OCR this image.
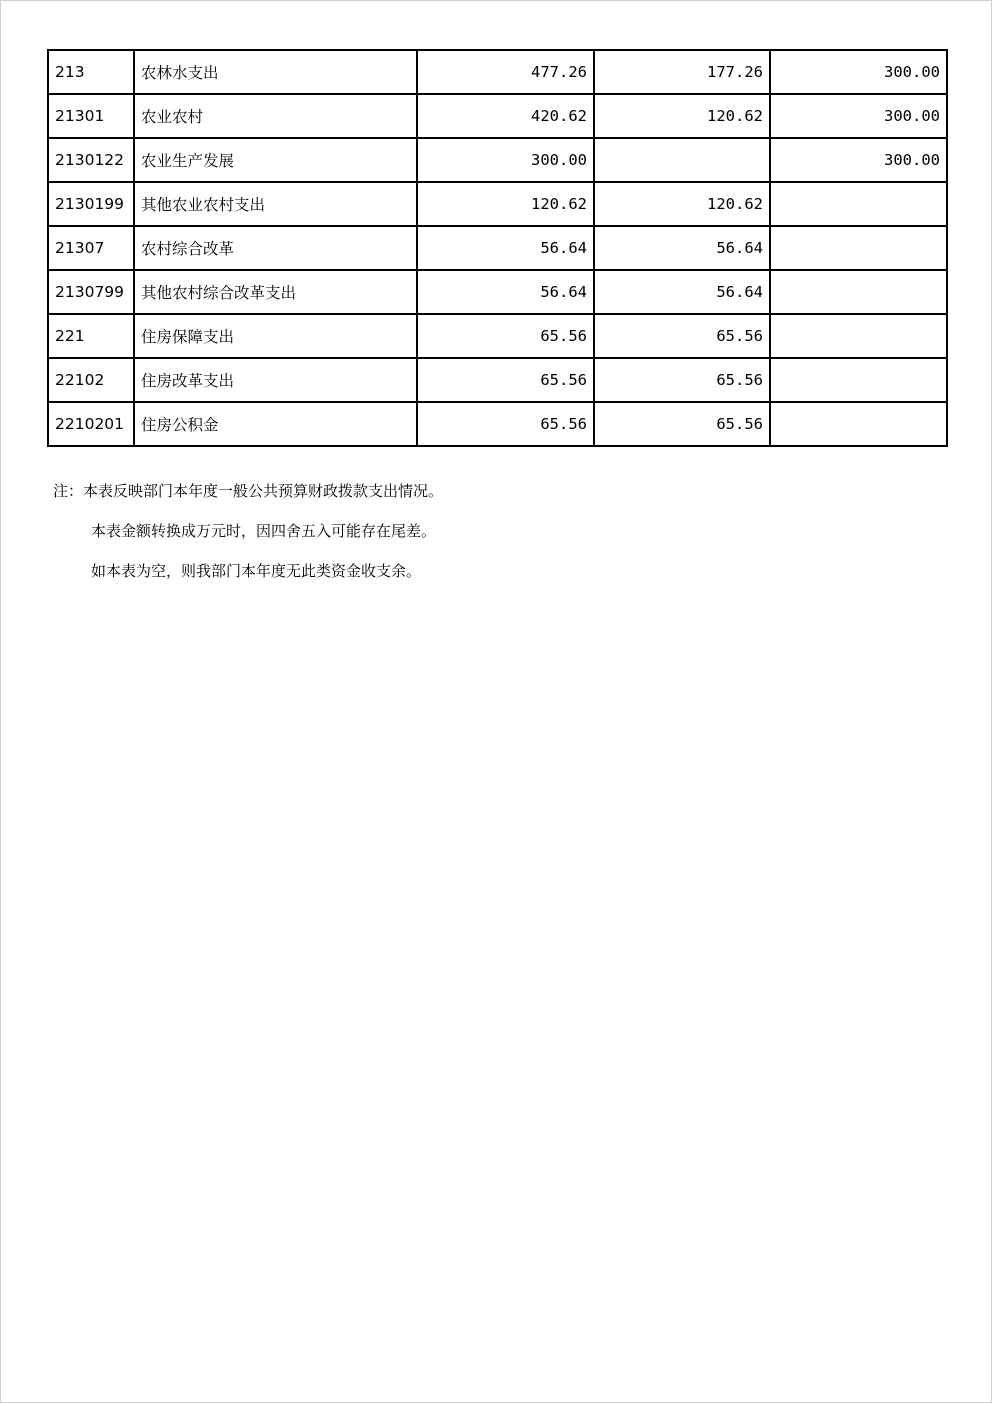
213	农林水支出	477.26	177.26	300.00
21301	农业农村	420.62	120.62	300.00
2130122	农业生产发展	300.00		300.00
2130199	其他农业农村支出	120.62	120.62	
21307	农村综合改革	56.64	56.64	
2130799	其他农村综合改革支出	56.64	56.64	
221	住房保障支出	65.56	65.56	
22102	住房改革支出	65.56	65.56	
2210201	住房公积金	65.56	65.56	
注：本表反映部门本年度一般公共预算财政拨款支出情况。
本表金额转换成万元时，因四舍五入可能存在尾差。
如本表为空，则我部门本年度无此类资金收支余。
